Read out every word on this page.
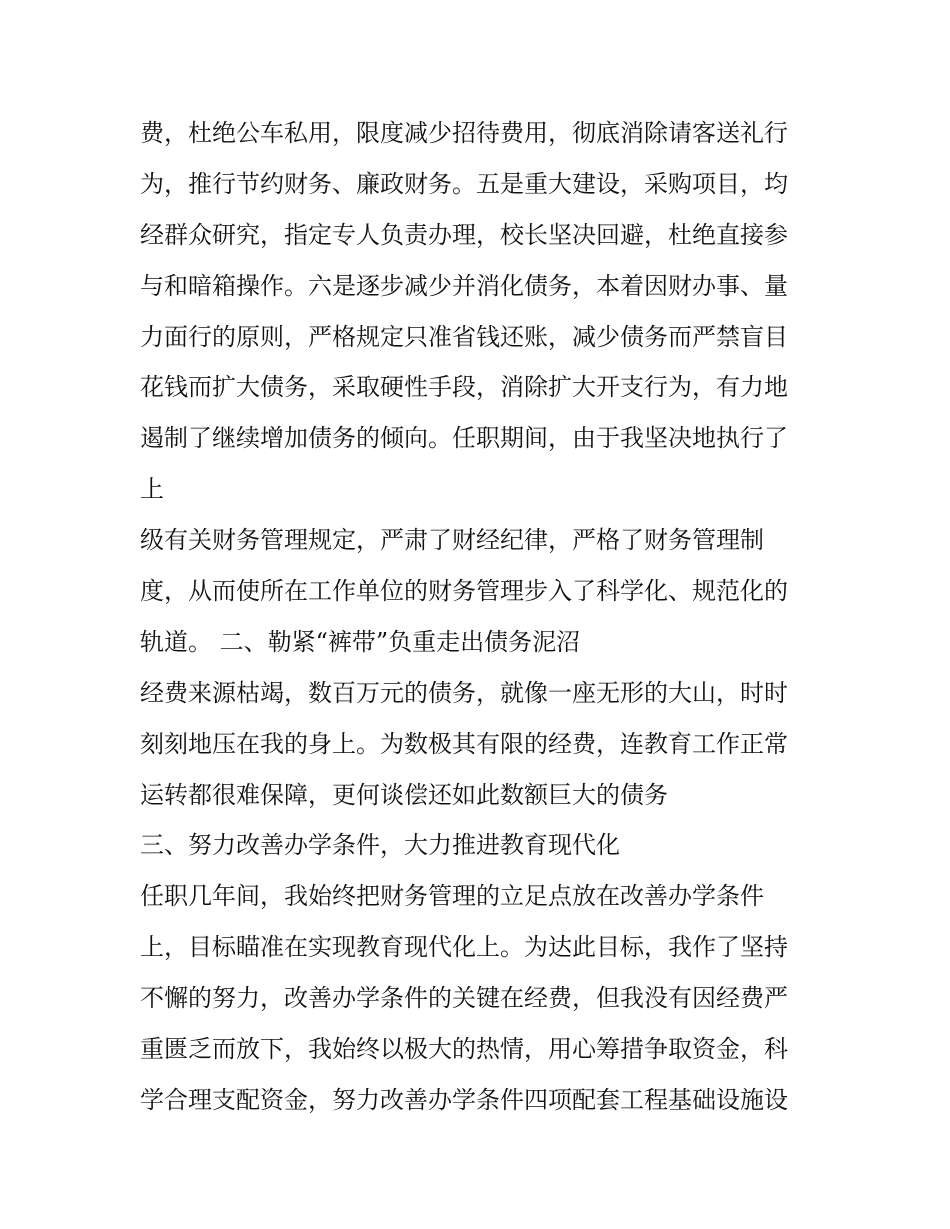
费，杜绝公车私用，限度减少招待费用，彻底消除请客送礼行
为，推行节约财务、廉政财务。五是重大建设，采购项目，均
经群众研究，指定专人负责办理，校长坚决回避，杜绝直接参
与和暗箱操作。六是逐步减少并消化债务，本着因财办事、量
力面行的原则，严格规定只准省钱还账，减少债务而严禁盲目
花钱而扩大债务，采取硬性手段，消除扩大开支行为，有力地
遏制了继续增加债务的倾向。任职期间，由于我坚决地执行了
上
级有关财务管理规定，严肃了财经纪律，严格了财务管理制
度，从而使所在工作单位的财务管理步入了科学化、规范化的
轨道。 二、勒紧“裤带”负重走出债务泥沼
经费来源枯竭，数百万元的债务，就像一座无形的大山，时时
刻刻地压在我的身上。为数极其有限的经费，连教育工作正常
运转都很难保障，更何谈偿还如此数额巨大的债务
三、努力改善办学条件，大力推进教育现代化
任职几年间，我始终把财务管理的立足点放在改善办学条件
上，目标瞄准在实现教育现代化上。为达此目标，我作了坚持
不懈的努力，改善办学条件的关键在经费，但我没有因经费严
重匮乏而放下，我始终以极大的热情，用心筹措争取资金，科
学合理支配资金，努力改善办学条件四项配套工程基础设施设
